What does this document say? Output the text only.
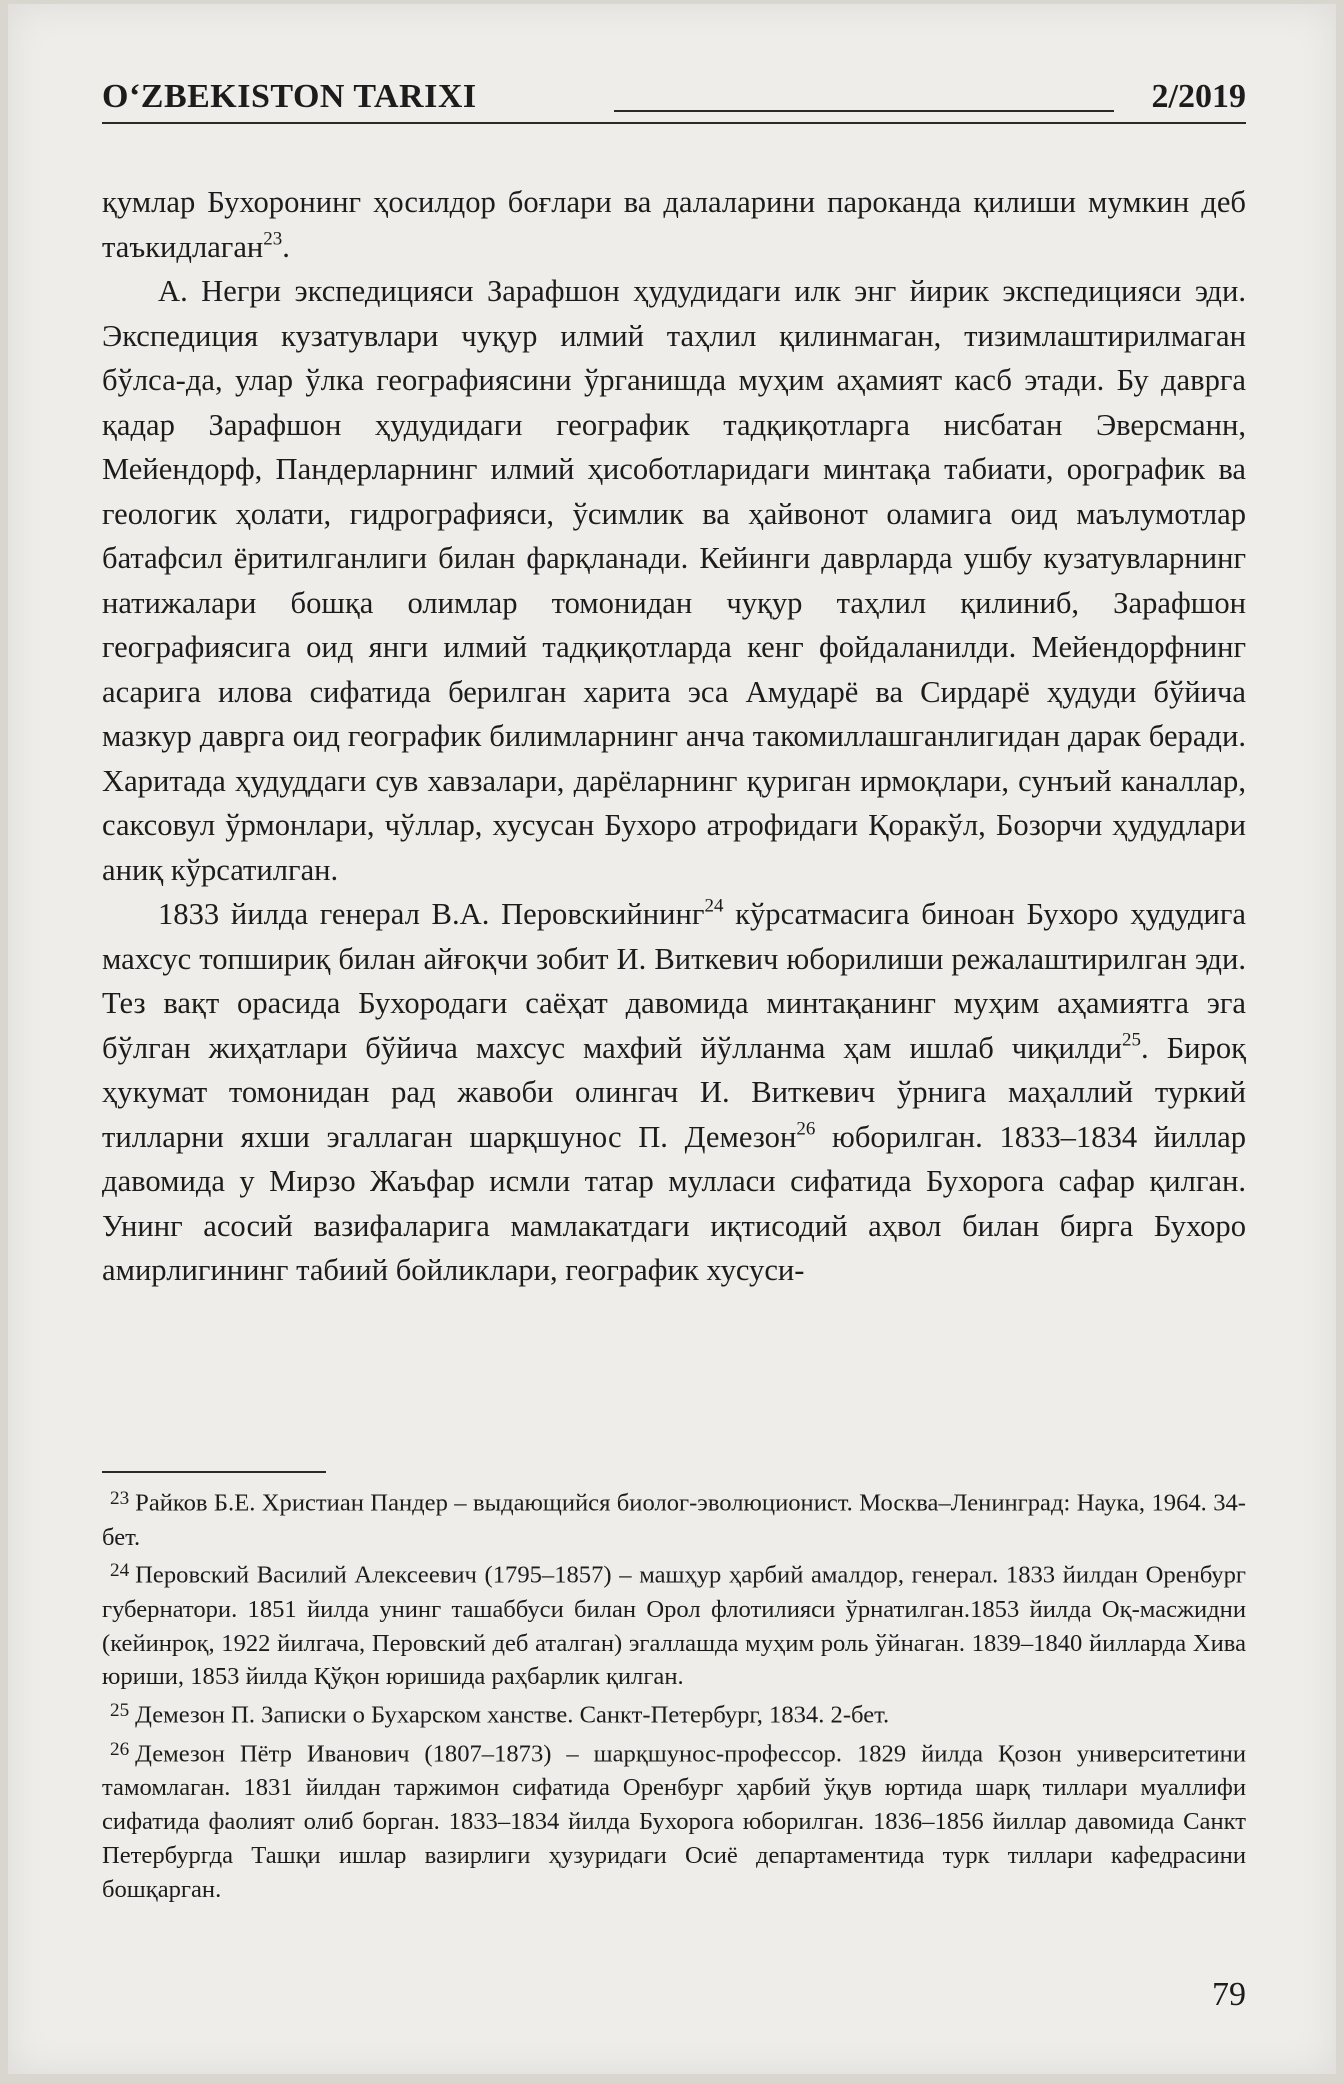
O‘ZBEKISTON TARIXI	2/2019

қумлар Бухоронинг ҳосилдор боғлари ва далаларини пароканда қилиши мумкин деб таъкидлаган$^{23}$.

А. Негри экспедицияси Зарафшон ҳудудидаги илк энг йирик экспедицияси эди. Экспедиция кузатувлари чуқур илмий таҳлил қилинмаган, тизимлаштирилмаган бўлса-да, улар ўлка географиясини ўрганишда муҳим аҳамият касб этади. Бу даврга қадар Зарафшон ҳудудидаги географик тадқиқотларга нисбатан Эверсманн, Мейендорф, Пандерларнинг илмий ҳисоботларидаги минтақа табиати, орографик ва геологик ҳолати, гидрографияси, ўсимлик ва ҳайвонот оламига оид маълумотлар батафсил ёритилганлиги билан фарқланади. Кейинги даврларда ушбу кузатувларнинг натижалари бошқа олимлар томонидан чуқур таҳлил қилиниб, Зарафшон географиясига оид янги илмий тадқиқотларда кенг фойдаланилди. Мейендорфнинг асарига илова сифатида берилган харита эса Амударё ва Сирдарё ҳудуди бўйича мазкур даврга оид географик билимларнинг анча такомиллашганлигидан дарак беради. Харитада ҳудуддаги сув хавзалари, дарёларнинг қуриган ирмоқлари, сунъий каналлар, саксовул ўрмонлари, чўллар, хусусан Бухоро атрофидаги Қоракўл, Бозорчи ҳудудлари аниқ кўрсатилган.

1833 йилда генерал В.А. Перовскийнинг$^{24}$ кўрсатмасига биноан Бухоро ҳудудига махсус топшириқ билан айғоқчи зобит И. Виткевич юборилиши режалаштирилган эди. Тез вақт орасида Бухородаги саёҳат давомида минтақанинг муҳим аҳамиятга эга бўлган жиҳатлари бўйича махсус махфий йўлланма ҳам ишлаб чиқилди$^{25}$. Бироқ ҳукумат томонидан рад жавоби олингач И. Виткевич ўрнига маҳаллий туркий тилларни яхши эгаллаган шарқшунос П. Демезон$^{26}$ юборилган. 1833–1834 йиллар давомида у Мирзо Жаъфар исмли татар мулласи сифатида Бухорога сафар қилган. Унинг асосий вазифаларига мамлакатдаги иқтисодий аҳвол билан бирга Бухоро амирлигининг табиий бойликлари, географик хусуси-

$^{23}$ Райков Б.Е. Христиан Пандер – выдающийся биолог-эволюционист. Москва–Ленинград: Наука, 1964. 34-бет.

$^{24}$ Перовский Василий Алексеевич (1795–1857) – машҳур ҳарбий амалдор, генерал. 1833 йилдан Оренбург губернатори. 1851 йилда унинг ташаббуси билан Орол флотилияси ўрнатилган.1853 йилда Оқ-масжидни (кейинроқ, 1922 йилгача, Перовский деб аталган) эгаллашда муҳим роль ўйнаган. 1839–1840 йилларда Хива юриши, 1853 йилда Қўқон юришида раҳбарлик қилган.

$^{25}$ Демезон П. Записки о Бухарском ханстве. Санкт-Петербург, 1834. 2-бет.

$^{26}$ Демезон Пётр Иванович (1807–1873) – шарқшунос-профессор. 1829 йилда Қозон университетини тамомлаган. 1831 йилдан таржимон сифатида Оренбург ҳарбий ўқув юртида шарқ тиллари муаллифи сифатида фаолият олиб борган. 1833–1834 йилда Бухорога юборилган. 1836–1856 йиллар давомида Санкт Петербургда Ташқи ишлар вазирлиги ҳузуридаги Осиё департаментида турк тиллари кафедрасини бошқарган.

79
